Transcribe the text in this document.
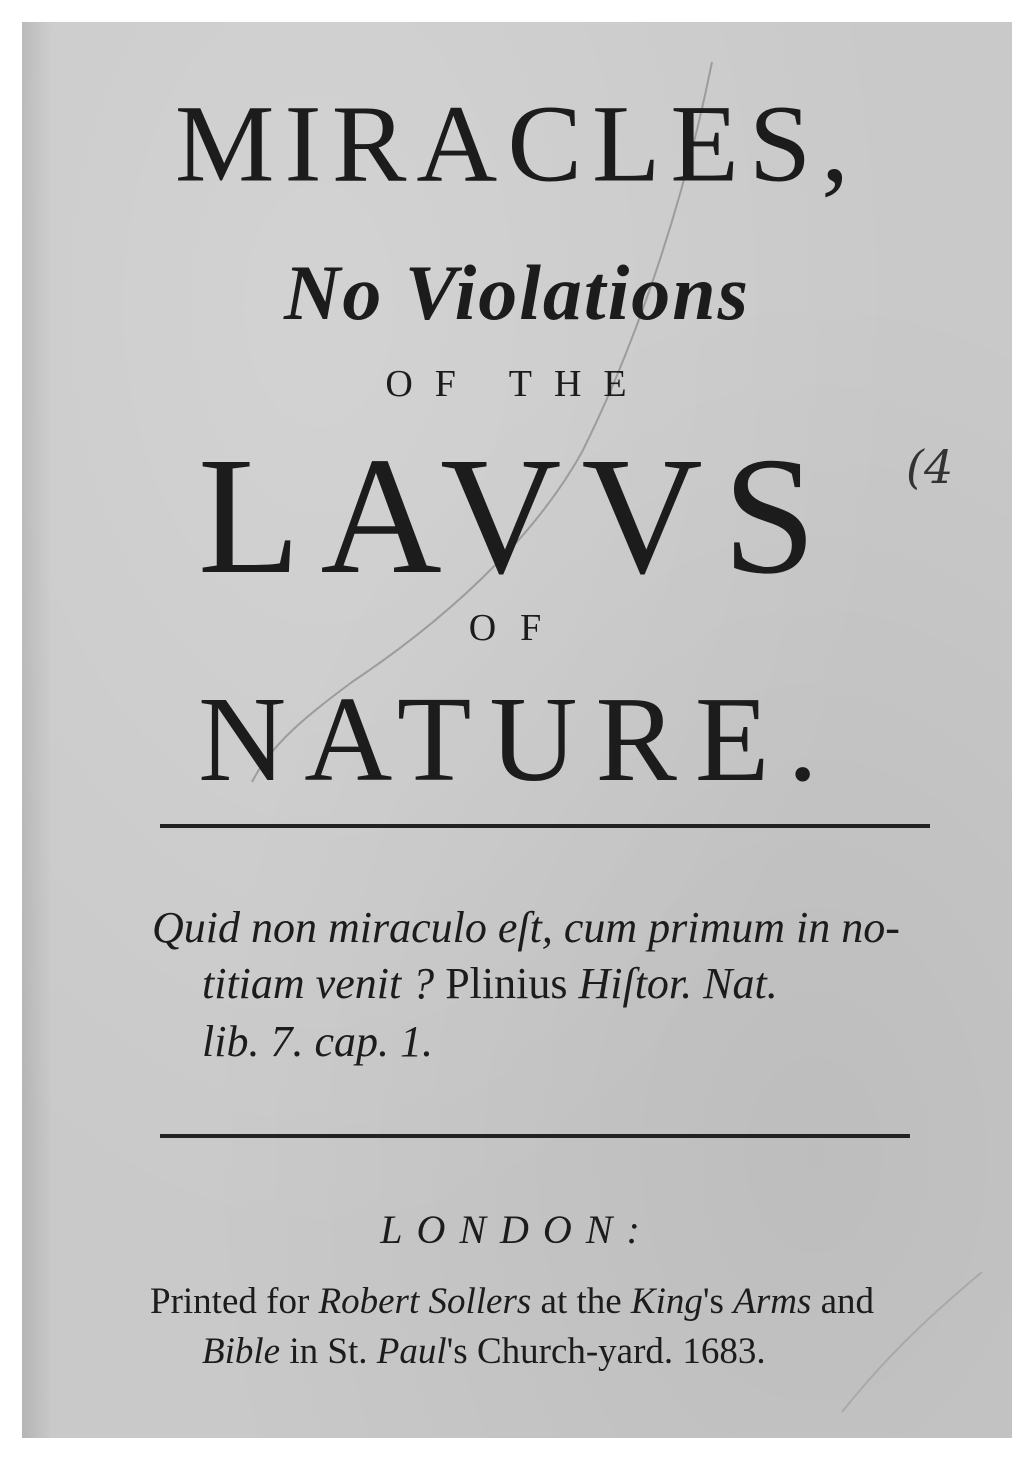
MIRACLES,
No Violations
OF THE
LAVVS	(4
OF
NATURE.
Quid non miraculo eſt, cum primum in no-
titiam venit ? Plinius Hiſtor. Nat.
lib. 7. cap. 1.
LONDON:
Printed for Robert Sollers at the King's Arms and
Bible in St. Paul's Church-yard. 1683.
